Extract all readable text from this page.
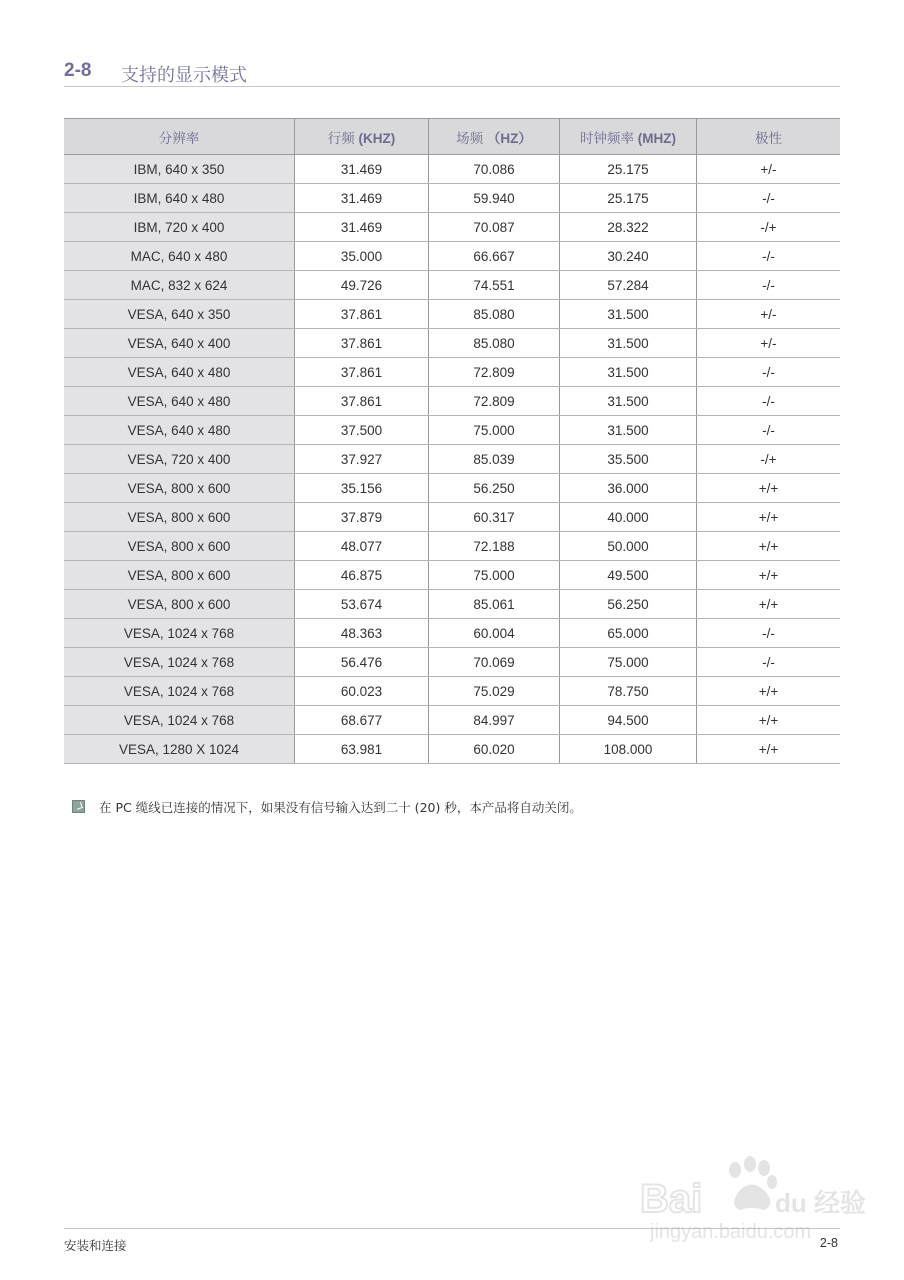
2-8 支持的显示模式
分辨率	行频 (KHZ)	场频 （HZ）	时钟频率 (MHZ)	极性
IBM, 640 x 350	31.469	70.086	25.175	+/-
IBM, 640 x 480	31.469	59.940	25.175	-/-
IBM, 720 x 400	31.469	70.087	28.322	-/+
MAC, 640 x 480	35.000	66.667	30.240	-/-
MAC, 832 x 624	49.726	74.551	57.284	-/-
VESA, 640 x 350	37.861	85.080	31.500	+/-
VESA, 640 x 400	37.861	85.080	31.500	+/-
VESA, 640 x 480	37.861	72.809	31.500	-/-
VESA, 640 x 480	37.861	72.809	31.500	-/-
VESA, 640 x 480	37.500	75.000	31.500	-/-
VESA, 720 x 400	37.927	85.039	35.500	-/+
VESA, 800 x 600	35.156	56.250	36.000	+/+
VESA, 800 x 600	37.879	60.317	40.000	+/+
VESA, 800 x 600	48.077	72.188	50.000	+/+
VESA, 800 x 600	46.875	75.000	49.500	+/+
VESA, 800 x 600	53.674	85.061	56.250	+/+
VESA, 1024 x 768	48.363	60.004	65.000	-/-
VESA, 1024 x 768	56.476	70.069	75.000	-/-
VESA, 1024 x 768	60.023	75.029	78.750	+/+
VESA, 1024 x 768	68.677	84.997	94.500	+/+
VESA, 1280 X 1024	63.981	60.020	108.000	+/+
在 PC 缆线已连接的情况下，如果没有信号输入达到二十 (20) 秒，本产品将自动关闭。
安装和连接	2-8
Bai	du 经验
jingyan.baidu.com
